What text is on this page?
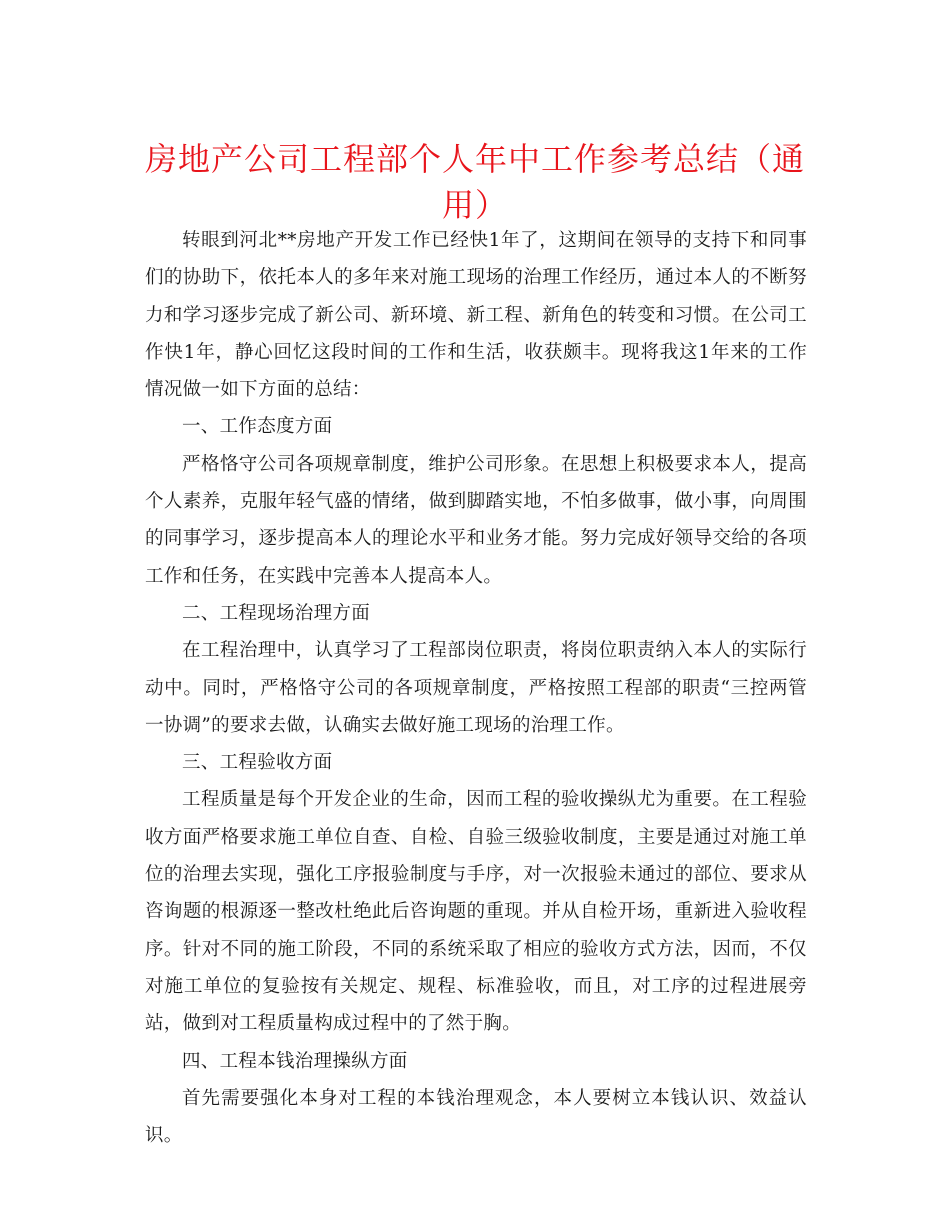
房地产公司工程部个人年中工作参考总结（通用）

转眼到河北**房地产开发工作已经快1年了，这期间在领导的支持下和同事们的协助下，依托本人的多年来对施工现场的治理工作经历，通过本人的不断努力和学习逐步完成了新公司、新环境、新工程、新角色的转变和习惯。在公司工作快1年，静心回忆这段时间的工作和生活，收获颇丰。现将我这1年来的工作情况做一如下方面的总结：

一、工作态度方面

严格恪守公司各项规章制度，维护公司形象。在思想上积极要求本人，提高个人素养，克服年轻气盛的情绪，做到脚踏实地，不怕多做事，做小事，向周围的同事学习，逐步提高本人的理论水平和业务才能。努力完成好领导交给的各项工作和任务，在实践中完善本人提高本人。

二、工程现场治理方面

在工程治理中，认真学习了工程部岗位职责，将岗位职责纳入本人的实际行动中。同时，严格恪守公司的各项规章制度，严格按照工程部的职责“三控两管一协调”的要求去做，认确实去做好施工现场的治理工作。

三、工程验收方面

工程质量是每个开发企业的生命，因而工程的验收操纵尤为重要。在工程验收方面严格要求施工单位自查、自检、自验三级验收制度，主要是通过对施工单位的治理去实现，强化工序报验制度与手序，对一次报验未通过的部位、要求从咨询题的根源逐一整改杜绝此后咨询题的重现。并从自检开场，重新进入验收程序。针对不同的施工阶段，不同的系统采取了相应的验收方式方法，因而，不仅对施工单位的复验按有关规定、规程、标准验收，而且，对工序的过程进展旁站，做到对工程质量构成过程中的了然于胸。

四、工程本钱治理操纵方面

首先需要强化本身对工程的本钱治理观念，本人要树立本钱认识、效益认识。
